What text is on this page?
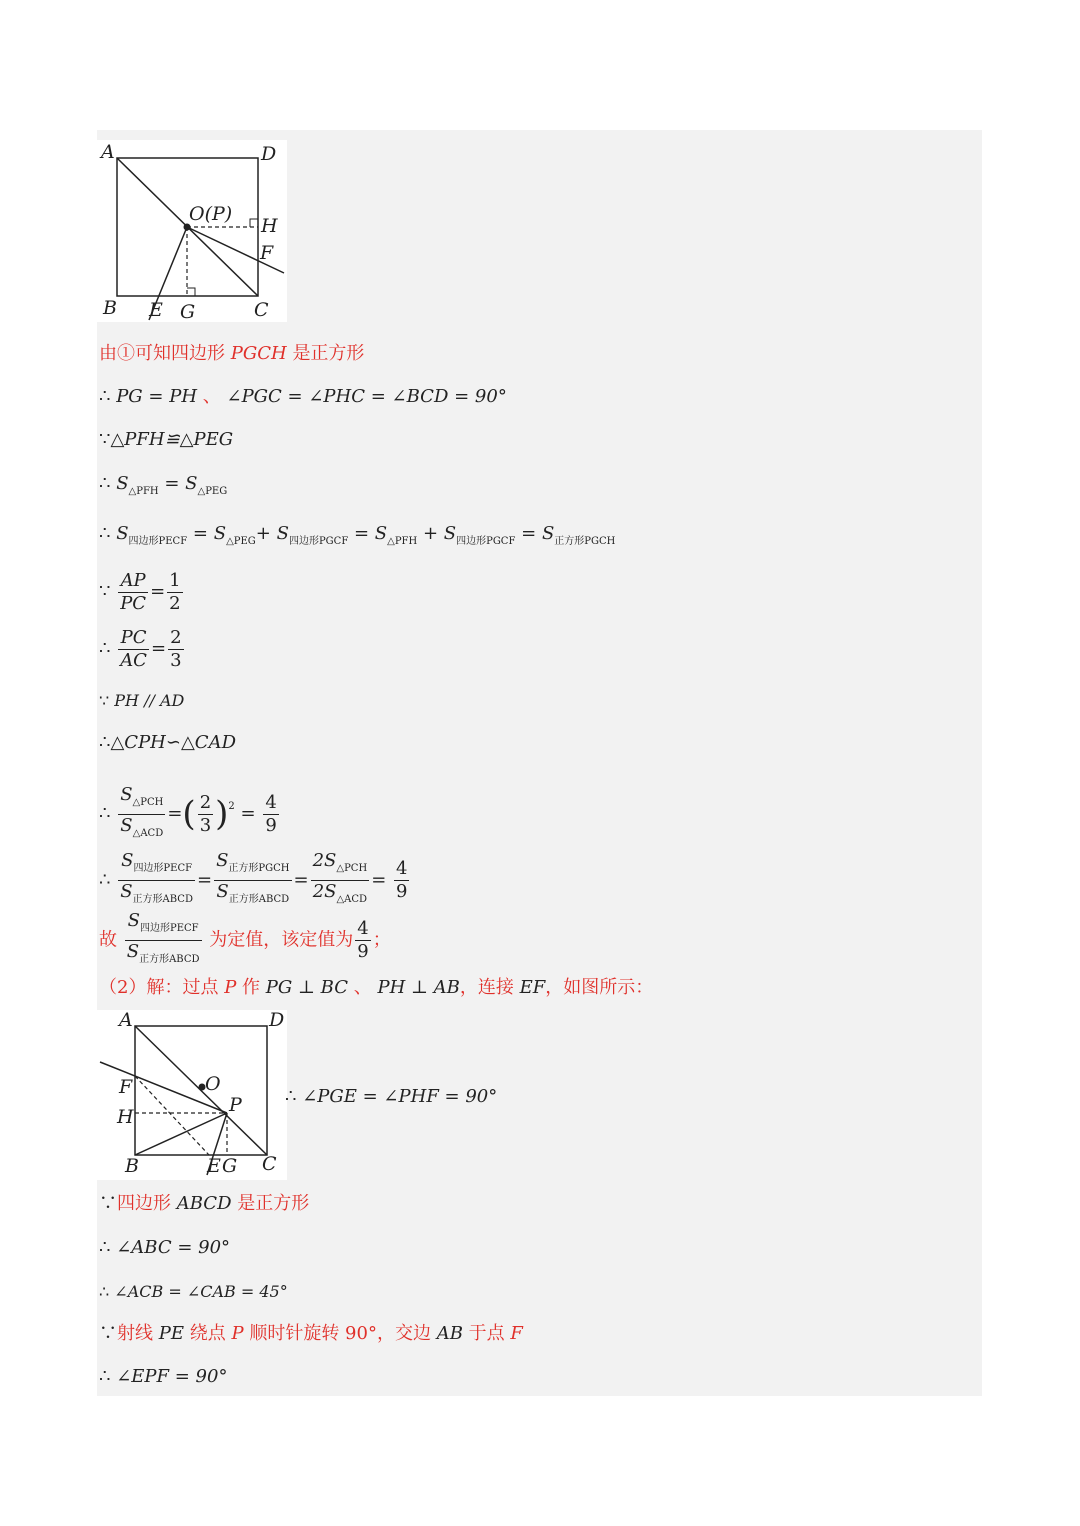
A	D
O(P)
H
F
B E G	C
由①可知四边形 PGCH 是正方形
∴ PG = PH 、 ∠PGC = ∠PHC = ∠BCD = 90°
∵△PFH≌△PEG
∴ $S_{\triangle PFH} = S_{\triangle PEG}$
∴ $S_{四边形PECF} = S_{\triangle PEG}+ S_{四边形PGCF} = S_{\triangle PFH} + S_{四边形PGCF} = S_{正方形PGCH}$
∵ $\frac{AP}{PC} = \frac{1}{2}$
∴ $\frac{PC}{AC} = \frac{2}{3}$
∵ PH // AD
∴△CPH∽△CAD
∴ $\frac{S_{\triangle PCH}}{S_{\triangle ACD}}$ =( $\frac{2}{3} )^2 = \frac{4}{9}$
∴ $\frac{S_{四边形PECF}}{S_{正方形ABCD}} = \frac{S_{正方形PGCH}}{S_{正方形ABCD}} = \frac{2S_{\triangle PCH}}{2S_{\triangle ACD}} = \frac{4}{9}$
故 $\frac{S_{四边形PECF}}{S_{正方形ABCD}}$ 为定值，该定值为 $\frac{4}{9}$ ；
（2）解：过点 P 作 PG ⊥ BC 、 PH ⊥ AB，连接 EF，如图所示：
A	D
O
F
P
H
B	E G C
∴ ∠PGE = ∠PHF = 90°
∵四边形 ABCD 是正方形
∴ ∠ABC = 90°
∴ ∠ACB = ∠CAB = 45°
∵射线 PE 绕点 P 顺时针旋转 90°，交边 AB 于点 F
∴ ∠EPF = 90°
